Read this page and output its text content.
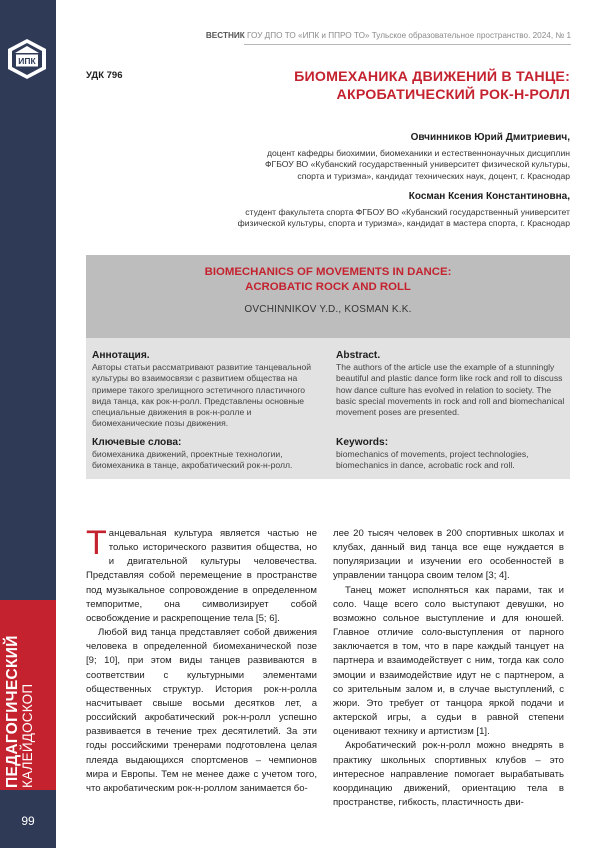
ИПК
ПЕДАГОГИЧЕСКИЙ КАЛЕЙДОСКОП
99
ВЕСТНИК ГОУ ДПО ТО «ИПК и ППРО ТО» Тульское образовательное пространство. 2024, № 1
УДК 796	БИОМЕХАНИКА ДВИЖЕНИЙ В ТАНЦЕ:
АКРОБАТИЧЕСКИЙ РОК-Н-РОЛЛ
Овчинников Юрий Дмитриевич,
доцент кафедры биохимии, биомеханики и естественнонаучных дисциплин
ФГБОУ ВО «Кубанский государственный университет физической культуры,
спорта и туризма», кандидат технических наук, доцент, г. Краснодар
Косман Ксения Константиновна,
студент факультета спорта ФГБОУ ВО «Кубанский государственный университет
физической культуры, спорта и туризма», кандидат в мастера спорта, г. Краснодар
BIOMECHANICS OF MOVEMENTS IN DANCE:
ACROBATIC ROCK AND ROLL
OVCHINNIKOV Y.D., KOSMAN K.K.
Аннотация.
Авторы статьи рассматривают развитие танцевальной культуры во взаимосвязи с развитием общества на примере такого зрелищного эстетичного пластичного вида танца, как рок-н-ролл. Представлены основные специальные движения в рок-н-ролле и биомеханические позы движения.
Abstract.
The authors of the article use the example of a stunningly beautiful and plastic dance form like rock and roll to discuss how dance culture has evolved in relation to society. The basic special movements in rock and roll and biomechanical movement poses are presented.
Ключевые слова:
биомеханика движений, проектные технологии, биомеханика в танце, акробатический рок-н-ролл.
Keywords:
biomechanics of movements, project technologies, biomechanics in dance, acrobatic rock and roll.

Танцевальная культура является частью не только исторического развития общества, но и двигательной культуры человечества. Представляя собой перемещение в пространстве под музыкальное сопровождение в определенном темпоритме, она символизирует собой освобождение и раскрепощение тела [5; 6].

Любой вид танца представляет собой движения человека в определенной биомеханической позе [9; 10], при этом виды танцев развиваются в соответствии с культурными элементами общественных структур. История рок-н-ролла насчитывает свыше восьми десятков лет, а российский акробатический рок-н-ролл успешно развивается в течение трех десятилетий. За эти годы российскими тренерами подготовлена целая плеяда выдающихся спортсменов – чемпионов мира и Европы. Тем не менее даже с учетом того, что акробатическим рок-н-роллом занимается бо-

лее 20 тысяч человек в 200 спортивных школах и клубах, данный вид танца все еще нуждается в популяризации и изучении его особенностей в управлении танцора своим телом [3; 4].

Танец может исполняться как парами, так и соло. Чаще всего соло выступают девушки, но возможно сольное выступление и для юношей. Главное отличие соло-выступления от парного заключается в том, что в паре каждый танцует на партнера и взаимодействует с ним, тогда как соло эмоции и взаимодействие идут не с партнером, а со зрительным залом и, в случае выступлений, с жюри. Это требует от танцора яркой подачи и актерской игры, а судьи в равной степени оценивают технику и артистизм [1].

Акробатический рок-н-ролл можно внедрять в практику школьных спортивных клубов – это интересное направление помогает вырабатывать координацию движений, ориентацию тела в пространстве, гибкость, пластичность дви-
